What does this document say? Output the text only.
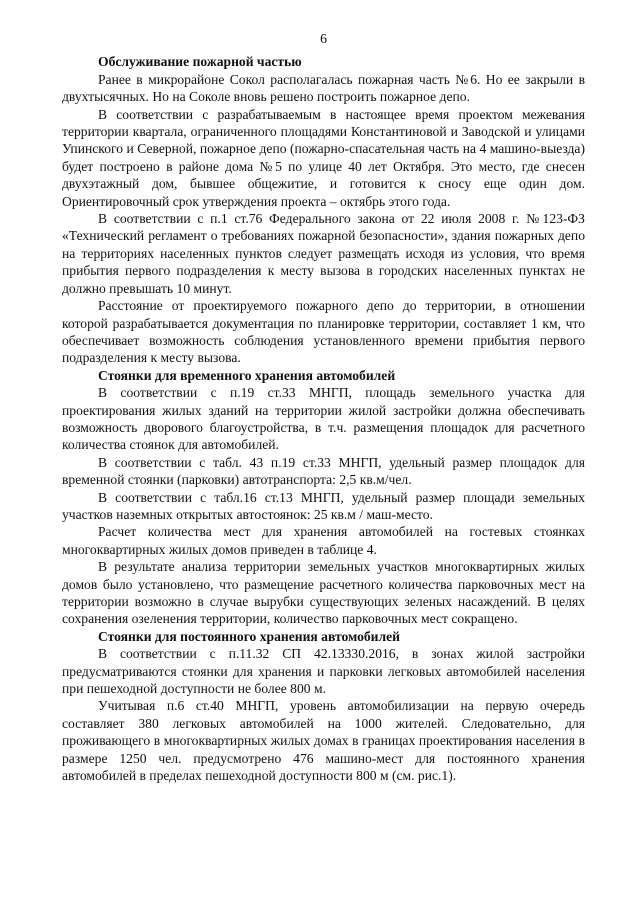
6
Обслуживание пожарной частью

Ранее в микрорайоне Сокол располагалась пожарная часть №6. Но ее закрыли в двухтысячных. Но на Соколе вновь решено построить пожарное депо.

В соответствии с разрабатываемым в настоящее время проектом межевания территории квартала, ограниченного площадями Константиновой и Заводской и улицами Упинского и Северной, пожарное депо (пожарно-спасательная часть на 4 машино-выезда) будет построено в районе дома №5 по улице 40 лет Октября. Это место, где снесен двухэтажный дом, бывшее общежитие, и готовится к сносу еще один дом. Ориентировочный срок утверждения проекта – октябрь этого года.

В соответствии с п.1 ст.76 Федерального закона от 22 июля 2008 г. №123-ФЗ «Технический регламент о требованиях пожарной безопасности», здания пожарных депо на территориях населенных пунктов следует размещать исходя из условия, что время прибытия первого подразделения к месту вызова в городских населенных пунктах не должно превышать 10 минут.

Расстояние от проектируемого пожарного депо до территории, в отношении которой разрабатывается документация по планировке территории, составляет 1 км, что обеспечивает возможность соблюдения установленного времени прибытия первого подразделения к месту вызова.

Стоянки для временного хранения автомобилей

В соответствии с п.19 ст.33 МНГП, площадь земельного участка для проектирования жилых зданий на территории жилой застройки должна обеспечивать возможность дворового благоустройства, в т.ч. размещения площадок для расчетного количества стоянок для автомобилей.

В соответствии с табл. 43 п.19 ст.33 МНГП, удельный размер площадок для временной стоянки (парковки) автотранспорта: 2,5 кв.м/чел.

В соответствии с табл.16 ст.13 МНГП, удельный размер площади земельных участков наземных открытых автостоянок: 25 кв.м / маш-место.

Расчет количества мест для хранения автомобилей на гостевых стоянках многоквартирных жилых домов приведен в таблице 4.

В результате анализа территории земельных участков многоквартирных жилых домов было установлено, что размещение расчетного количества парковочных мест на территории возможно в случае вырубки существующих зеленых насаждений. В целях сохранения озеленения территории, количество парковочных мест сокращено.

Стоянки для постоянного хранения автомобилей

В соответствии с п.11.32 СП 42.13330.2016, в зонах жилой застройки предусматриваются стоянки для хранения и парковки легковых автомобилей населения при пешеходной доступности не более 800 м.

Учитывая п.6 ст.40 МНГП, уровень автомобилизации на первую очередь составляет 380 легковых автомобилей на 1000 жителей. Следовательно, для проживающего в многоквартирных жилых домах в границах проектирования населения в размере 1250 чел. предусмотрено 476 машино-мест для постоянного хранения автомобилей в пределах пешеходной доступности 800 м (см. рис.1).
